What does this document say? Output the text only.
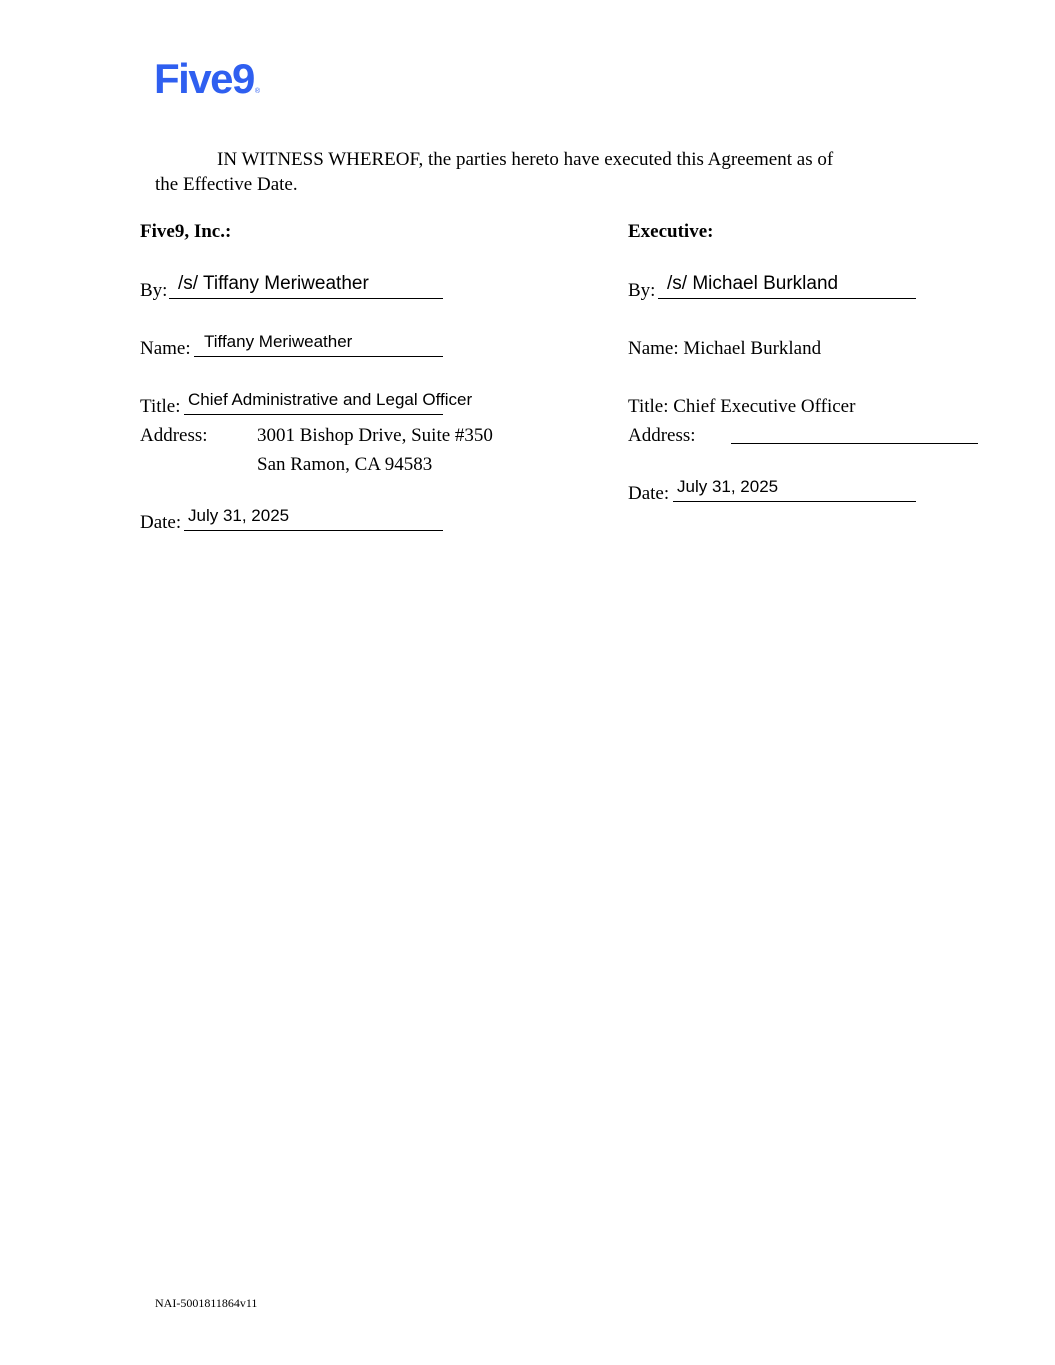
Five9®
IN WITNESS WHEREOF, the parties hereto have executed this Agreement as of
the Effective Date.
Five9, Inc.:
By: /s/ Tiffany Meriweather
Name: Tiffany Meriweather
Title: Chief Administrative and Legal Officer
Address:	3001 Bishop Drive, Suite #350
San Ramon, CA 94583
Date: July 31, 2025
Executive:
By: /s/ Michael Burkland
Name: Michael Burkland
Title: Chief Executive Officer
Address:
Date: July 31, 2025
NAI-5001811864v11
